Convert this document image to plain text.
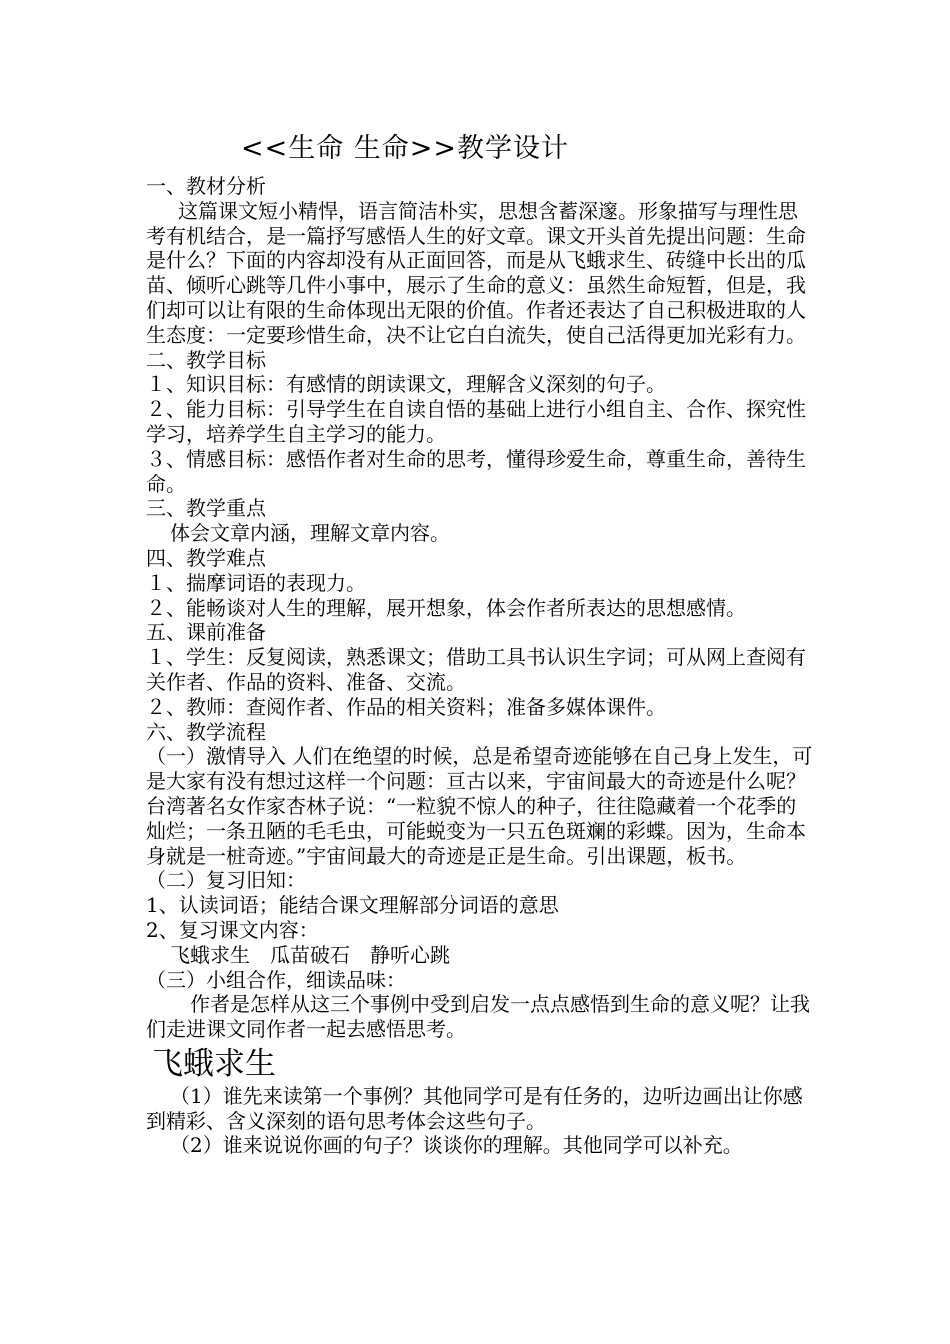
<<生命 生命>>教学设计

一、教材分析

这篇课文短小精悍，语言简洁朴实，思想含蓄深邃。形象描写与理性思考有机结合，是一篇抒写感悟人生的好文章。课文开头首先提出问题：生命是什么？下面的内容却没有从正面回答，而是从飞蛾求生、砖缝中长出的瓜苗、倾听心跳等几件小事中，展示了生命的意义：虽然生命短暂，但是，我们却可以让有限的生命体现出无限的价值。作者还表达了自己积极进取的人生态度：一定要珍惜生命，决不让它白白流失，使自己活得更加光彩有力。

二、教学目标

１、知识目标：有感情的朗读课文，理解含义深刻的句子。

２、能力目标：引导学生在自读自悟的基础上进行小组自主、合作、探究性学习，培养学生自主学习的能力。

３、情感目标：感悟作者对生命的思考，懂得珍爱生命，尊重生命，善待生命。

三、教学重点

体会文章内涵，理解文章内容。

四、教学难点

１、揣摩词语的表现力。

２、能畅谈对人生的理解，展开想象，体会作者所表达的思想感情。

五、课前准备

１、学生：反复阅读，熟悉课文；借助工具书认识生字词；可从网上查阅有关作者、作品的资料、准备、交流。

２、教师：查阅作者、作品的相关资料；准备多媒体课件。

六、教学流程

（一）激情导入 人们在绝望的时候，总是希望奇迹能够在自己身上发生，可是大家有没有想过这样一个问题：亘古以来，宇宙间最大的奇迹是什么呢？台湾著名女作家杏林子说：“一粒貌不惊人的种子，往往隐藏着一个花季的灿烂；一条丑陋的毛毛虫，可能蜕变为一只五色斑斓的彩蝶。因为，生命本身就是一桩奇迹。”宇宙间最大的奇迹是正是生命。引出课题，板书。

（二）复习旧知：

1、认读词语；能结合课文理解部分词语的意思

2、复习课文内容：

飞蛾求生　瓜苗破石　静听心跳

（三）小组合作，细读品味：

作者是怎样从这三个事例中受到启发一点点感悟到生命的意义呢？让我们走进课文同作者一起去感悟思考。

飞蛾求生

（1）谁先来读第一个事例？其他同学可是有任务的，边听边画出让你感到精彩、含义深刻的语句思考体会这些句子。

（2）谁来说说你画的句子？谈谈你的理解。其他同学可以补充。
